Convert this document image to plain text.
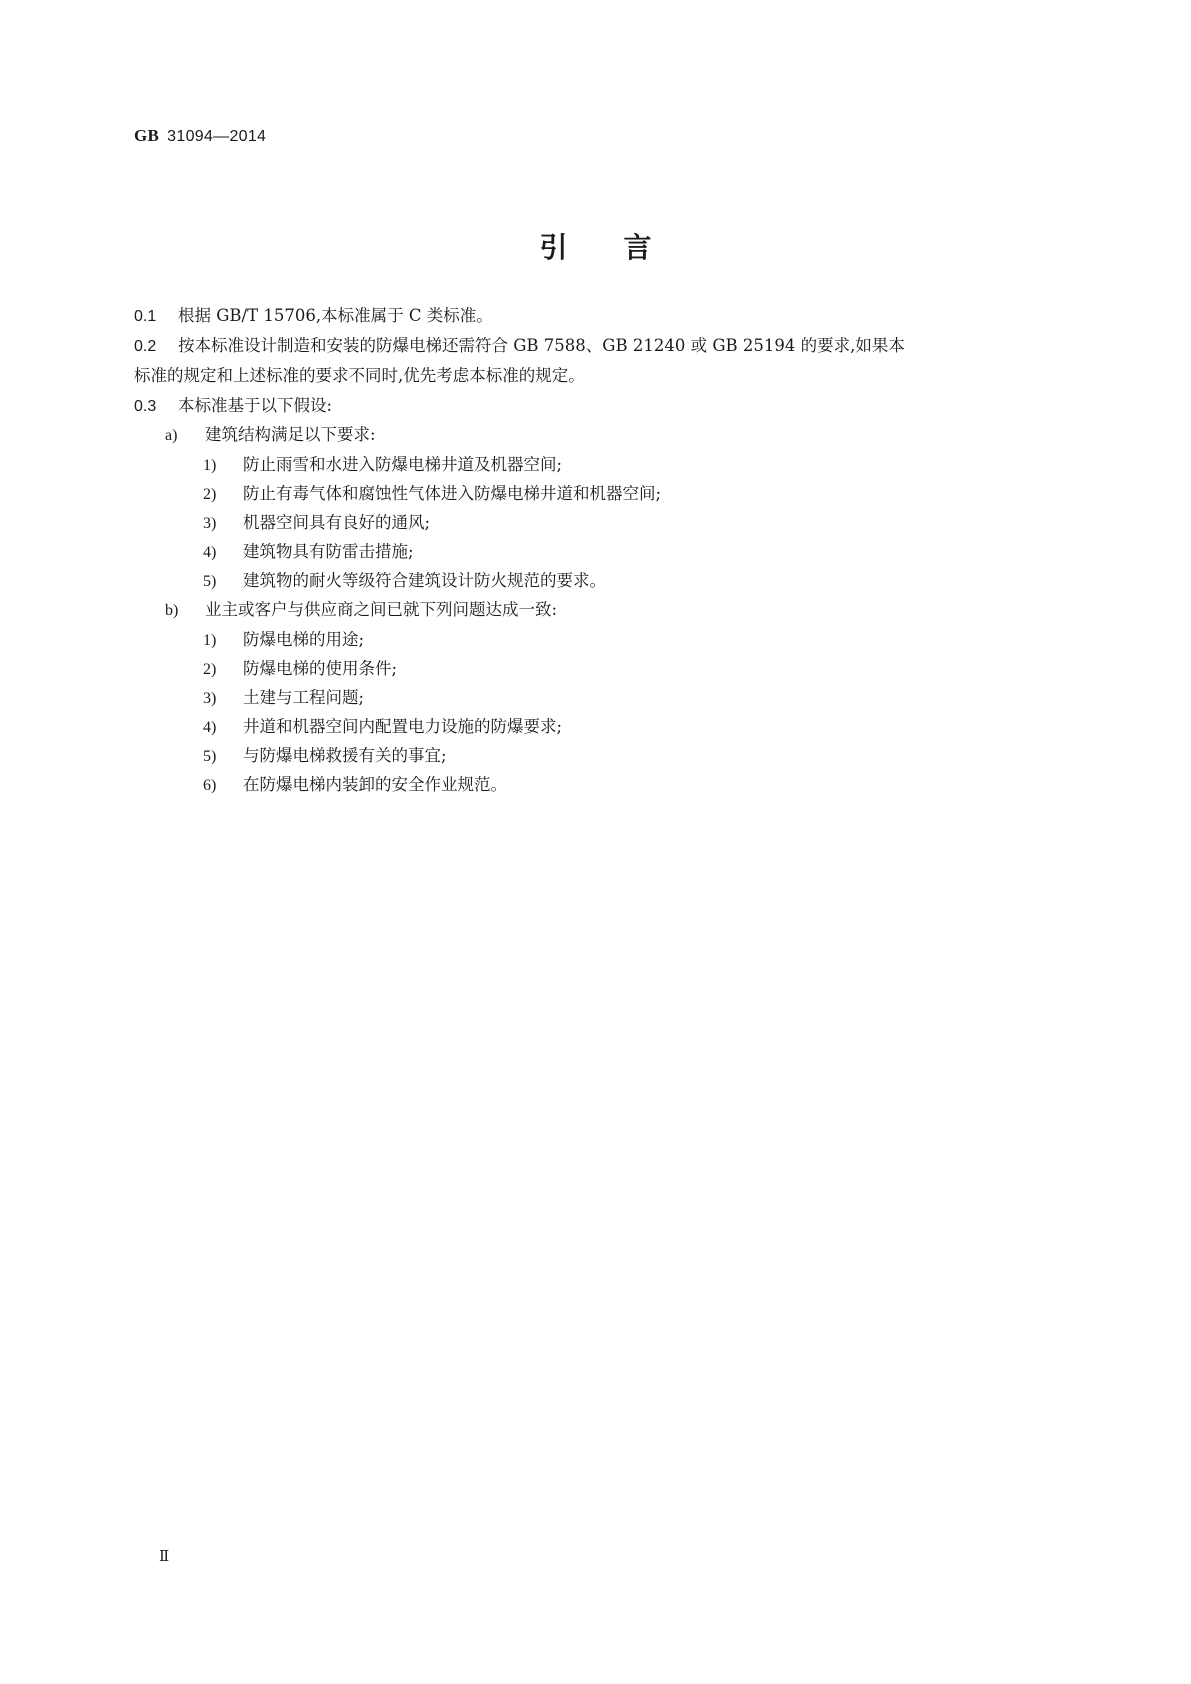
GB 31094—2014
引言
0.1 根据 GB/T 15706,本标准属于 C 类标准。
0.2 按本标准设计制造和安装的防爆电梯还需符合 GB 7588、GB 21240 或 GB 25194 的要求,如果本
标准的规定和上述标准的要求不同时,优先考虑本标准的规定。
0.3 本标准基于以下假设:
a) 建筑结构满足以下要求:
1) 防止雨雪和水进入防爆电梯井道及机器空间;
2) 防止有毒气体和腐蚀性气体进入防爆电梯井道和机器空间;
3) 机器空间具有良好的通风;
4) 建筑物具有防雷击措施;
5) 建筑物的耐火等级符合建筑设计防火规范的要求。
b) 业主或客户与供应商之间已就下列问题达成一致:
1) 防爆电梯的用途;
2) 防爆电梯的使用条件;
3) 土建与工程问题;
4) 井道和机器空间内配置电力设施的防爆要求;
5) 与防爆电梯救援有关的事宜;
6) 在防爆电梯内装卸的安全作业规范。
Ⅱ
